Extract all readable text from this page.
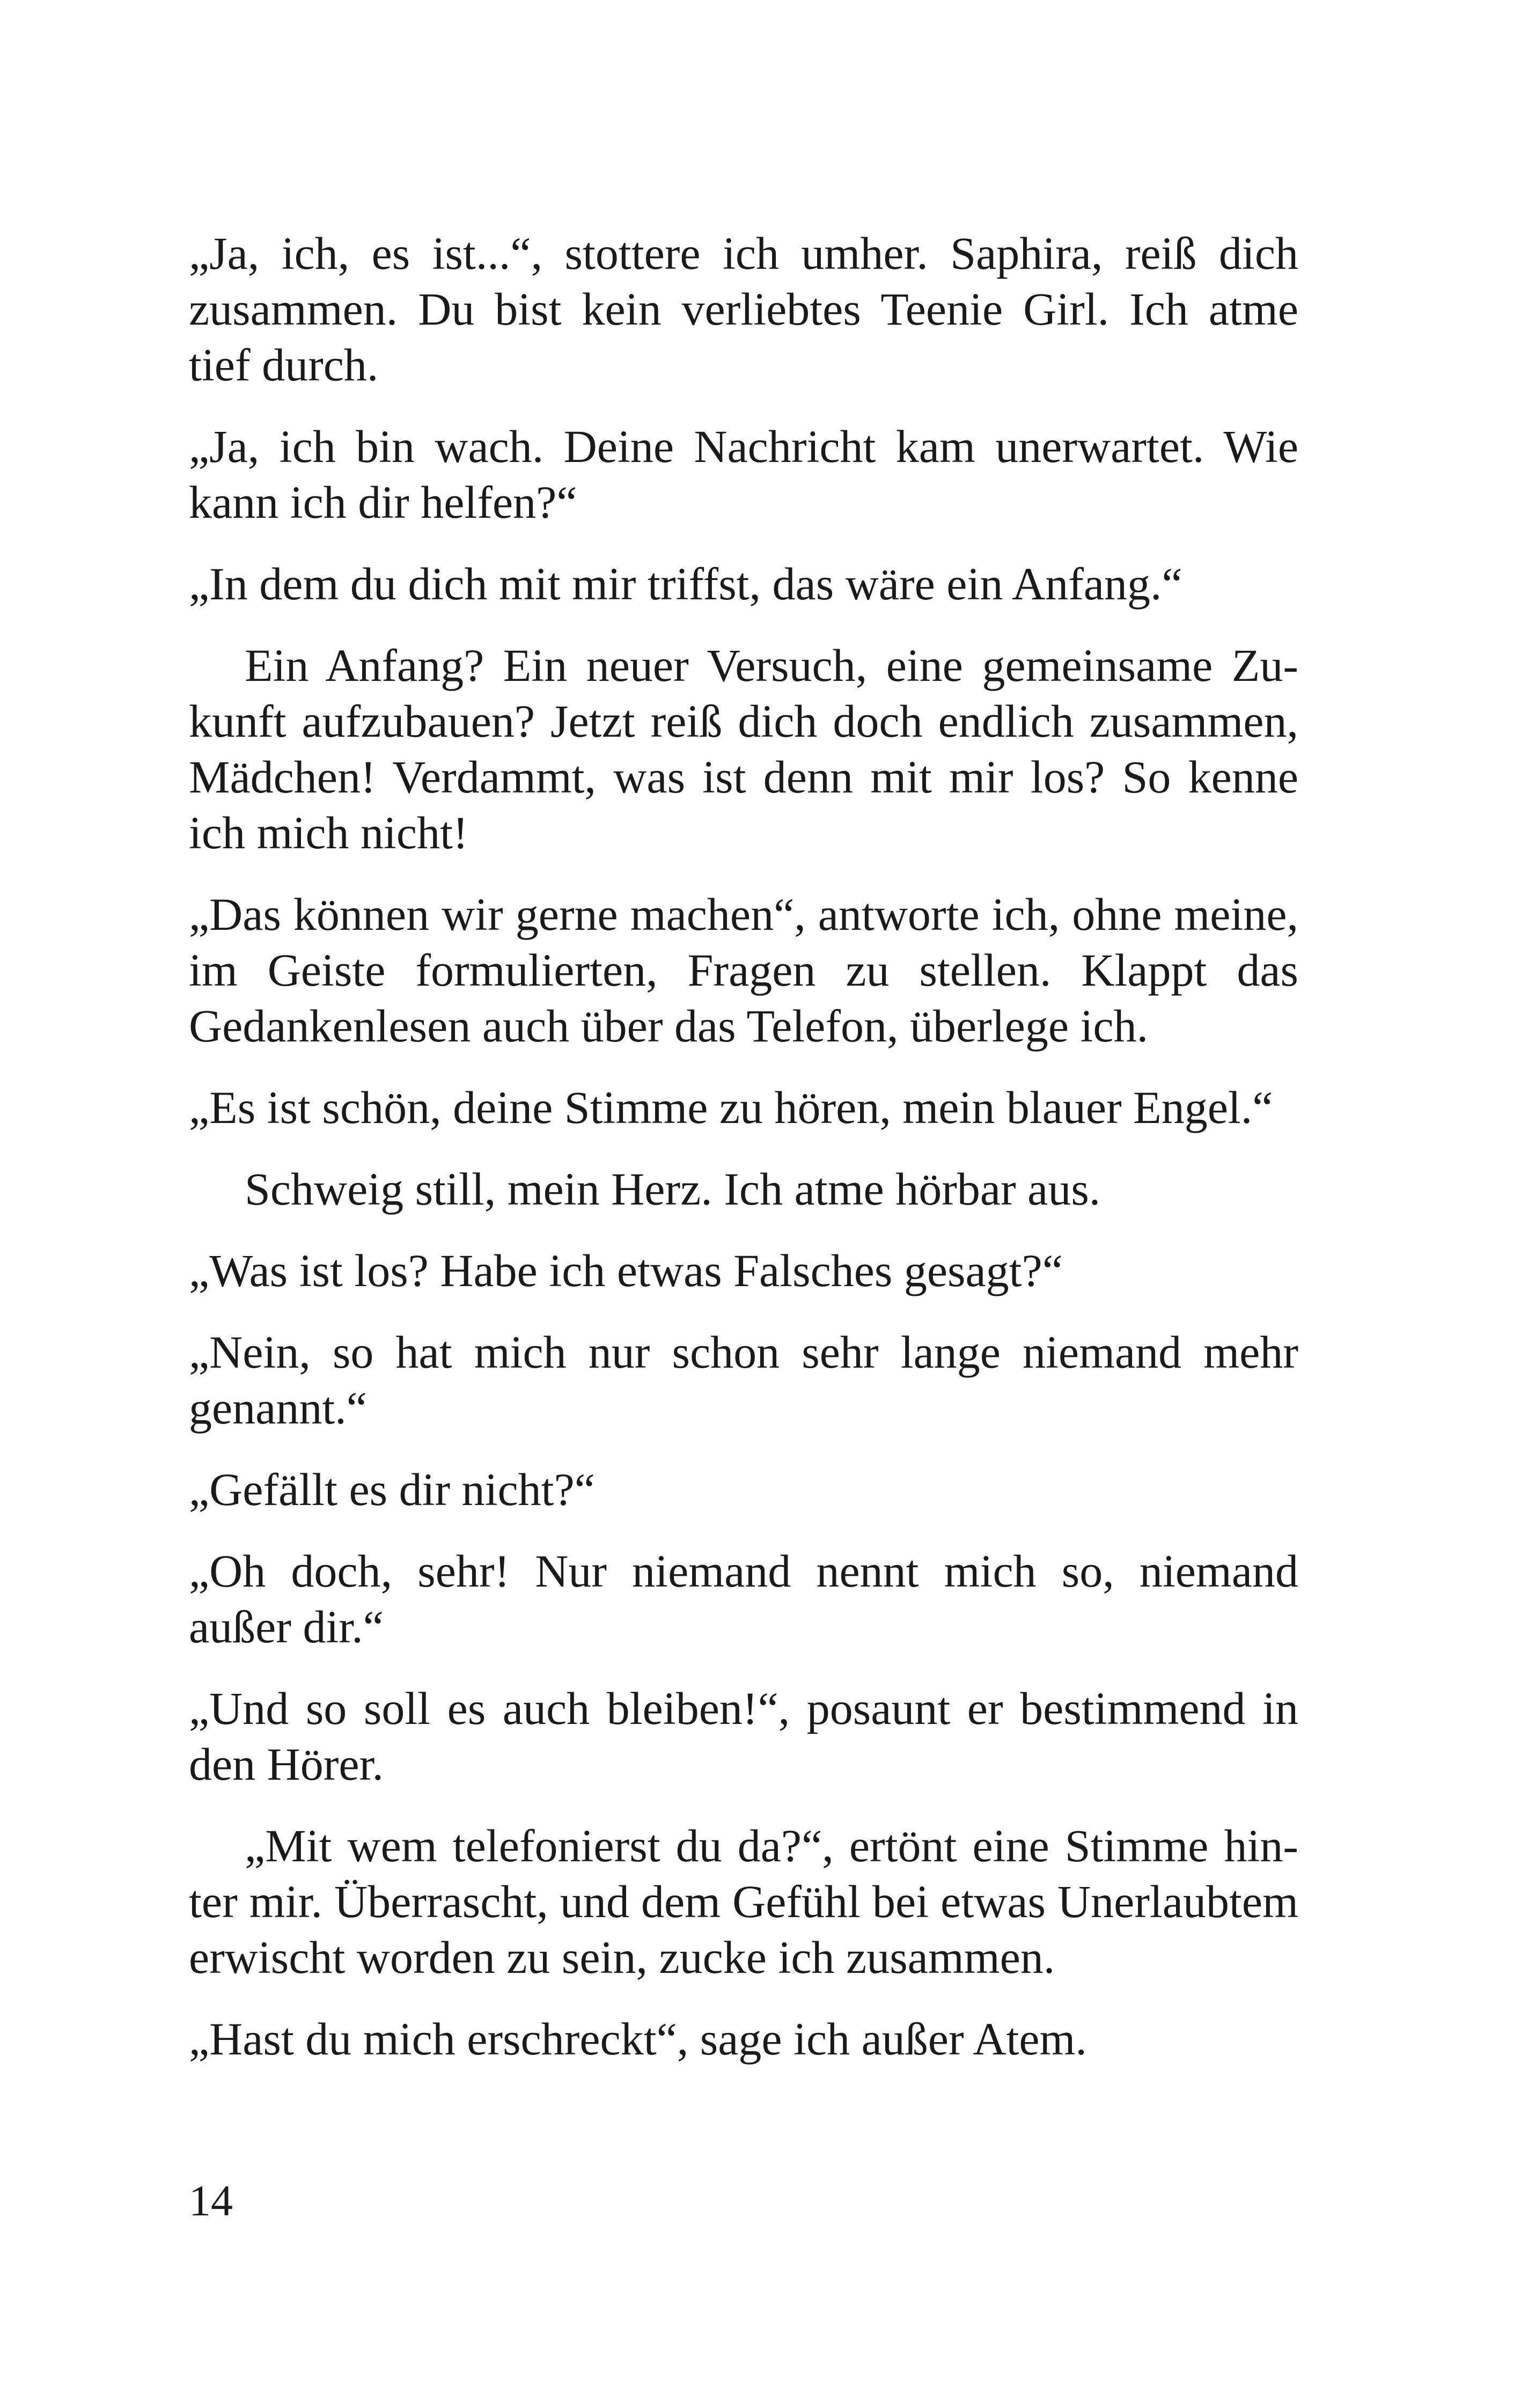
„Ja, ich, es ist...“, stottere ich umher. Saphira, reiß dich zusammen. Du bist kein verliebtes Teenie Girl. Ich atme tief durch.

„Ja, ich bin wach. Deine Nachricht kam unerwartet. Wie kann ich dir helfen?“

„In dem du dich mit mir triffst, das wäre ein Anfang.“

Ein Anfang? Ein neuer Versuch, eine gemeinsame Zukunft aufzubauen? Jetzt reiß dich doch endlich zusammen, Mädchen! Verdammt, was ist denn mit mir los? So kenne ich mich nicht!

„Das können wir gerne machen“, antworte ich, ohne meine, im Geiste formulierten, Fragen zu stellen. Klappt das Gedankenlesen auch über das Telefon, überlege ich.

„Es ist schön, deine Stimme zu hören, mein blauer Engel.“

Schweig still, mein Herz. Ich atme hörbar aus.

„Was ist los? Habe ich etwas Falsches gesagt?“

„Nein, so hat mich nur schon sehr lange niemand mehr genannt.“

„Gefällt es dir nicht?“

„Oh doch, sehr! Nur niemand nennt mich so, niemand außer dir.“

„Und so soll es auch bleiben!“, posaunt er bestimmend in den Hörer.

„Mit wem telefonierst du da?“, ertönt eine Stimme hinter mir. Überrascht, und dem Gefühl bei etwas Unerlaubtem erwischt worden zu sein, zucke ich zusammen.

„Hast du mich erschreckt“, sage ich außer Atem.

14
